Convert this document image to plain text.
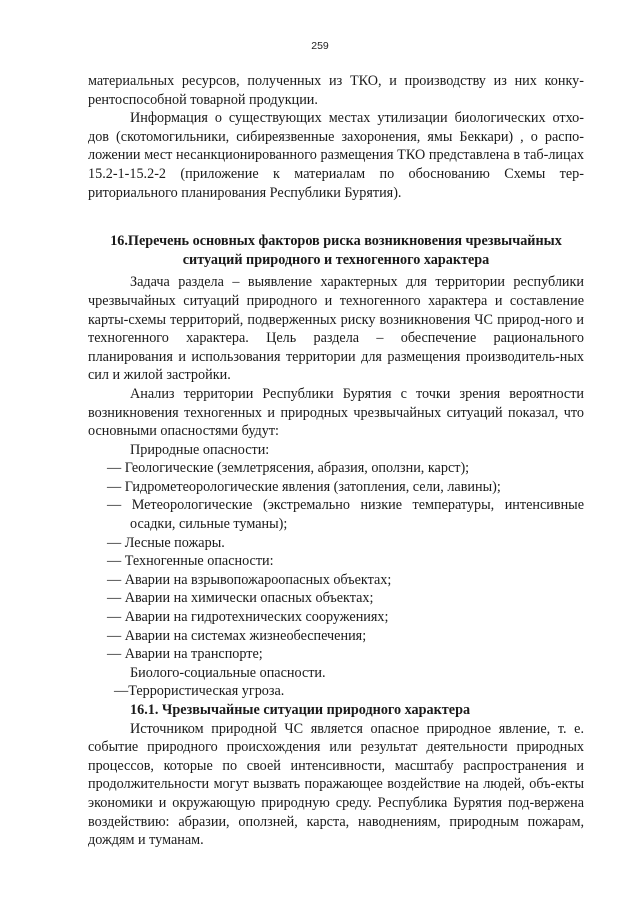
259

материальных ресурсов, полученных из ТКО, и производству из них конку-рентоспособной товарной продукции.

Информация о существующих местах утилизации биологических отхо-дов (скотомогильники, сибиреязвенные захоронения, ямы Беккари) , о распо-ложении мест несанкционированного размещения ТКО представлена в таб-лицах 15.2-1-15.2-2 (приложение к материалам по обоснованию Схемы тер-риториального планирования Республики Бурятия).

16.Перечень основных факторов риска возникновения чрезвычайных ситуаций природного и техногенного характера

Задача раздела – выявление характерных для территории республики чрезвычайных ситуаций природного и техногенного характера и составление карты-схемы территорий, подверженных риску возникновения ЧС природ-ного и техногенного характера. Цель раздела – обеспечение рационального планирования и использования территории для размещения производитель-ных сил и жилой застройки.

Анализ территории Республики Бурятия с точки зрения вероятности возникновения техногенных и природных чрезвычайных ситуаций показал, что основными опасностями будут:

Природные опасности:

— Геологические (землетрясения, абразия, оползни, карст);

— Гидрометеорологические явления (затопления, сели, лавины);

— Метеорологические (экстремально низкие температуры, интенсивные осадки, сильные туманы);

— Лесные пожары.

— Техногенные опасности:

— Аварии на взрывопожароопасных объектах;

— Аварии на химически опасных объектах;

— Аварии на гидротехнических сооружениях;

— Аварии на системах жизнеобеспечения;

— Аварии на транспорте;

Биолого-социальные опасности.

—Террористическая угроза.

16.1. Чрезвычайные ситуации природного характера

Источником природной ЧС является опасное природное явление, т. е. событие природного происхождения или результат деятельности природных процессов, которые по своей интенсивности, масштабу распространения и продолжительности могут вызвать поражающее воздействие на людей, объ-екты экономики и окружающую природную среду. Республика Бурятия под-вержена воздействию: абразии, оползней, карста, наводнениям, природным пожарам, дождям и туманам.
